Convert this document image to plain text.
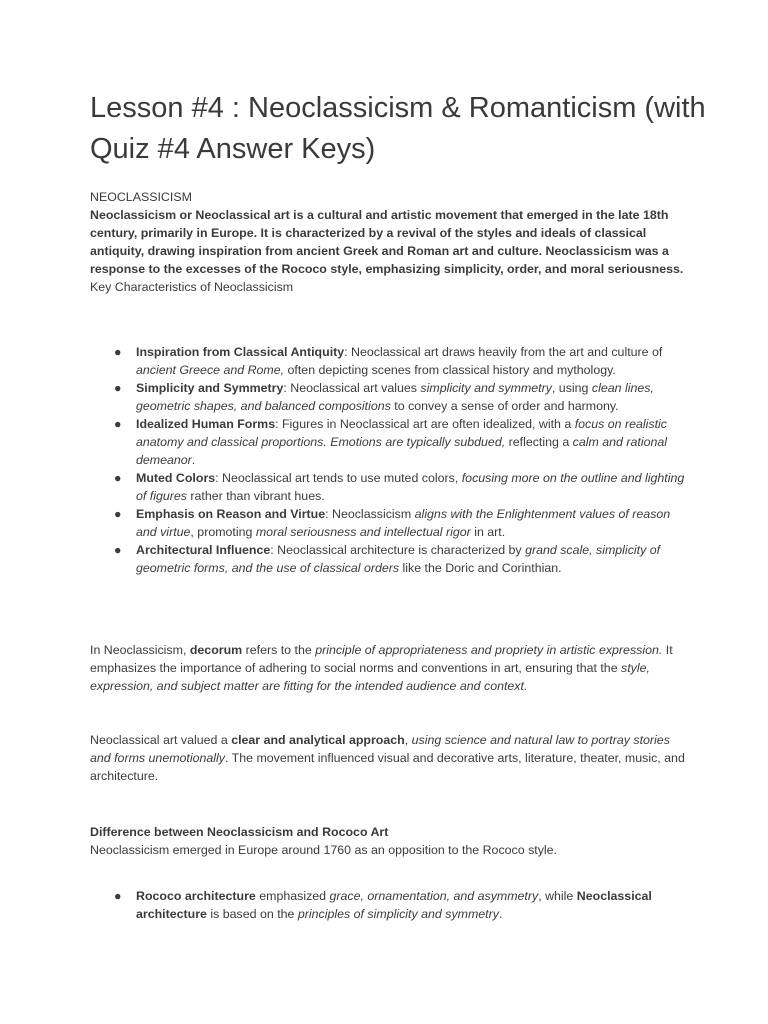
Lesson #4 : Neoclassicism & Romanticism (with Quiz #4 Answer Keys)

NEOCLASSICISM

Neoclassicism or Neoclassical art is a cultural and artistic movement that emerged in the late 18th century, primarily in Europe. It is characterized by a revival of the styles and ideals of classical antiquity, drawing inspiration from ancient Greek and Roman art and culture. Neoclassicism was a response to the excesses of the Rococo style, emphasizing simplicity, order, and moral seriousness.

Key Characteristics of Neoclassicism

● Inspiration from Classical Antiquity: Neoclassical art draws heavily from the art and culture of ancient Greece and Rome, often depicting scenes from classical history and mythology.
● Simplicity and Symmetry: Neoclassical art values simplicity and symmetry, using clean lines, geometric shapes, and balanced compositions to convey a sense of order and harmony.
● Idealized Human Forms: Figures in Neoclassical art are often idealized, with a focus on realistic anatomy and classical proportions. Emotions are typically subdued, reflecting a calm and rational demeanor.
● Muted Colors: Neoclassical art tends to use muted colors, focusing more on the outline and lighting of figures rather than vibrant hues.
● Emphasis on Reason and Virtue: Neoclassicism aligns with the Enlightenment values of reason and virtue, promoting moral seriousness and intellectual rigor in art.
● Architectural Influence: Neoclassical architecture is characterized by grand scale, simplicity of geometric forms, and the use of classical orders like the Doric and Corinthian.

In Neoclassicism, decorum refers to the principle of appropriateness and propriety in artistic expression. It emphasizes the importance of adhering to social norms and conventions in art, ensuring that the style, expression, and subject matter are fitting for the intended audience and context.

Neoclassical art valued a clear and analytical approach, using science and natural law to portray stories and forms unemotionally. The movement influenced visual and decorative arts, literature, theater, music, and architecture.

Difference between Neoclassicism and Rococo Art

Neoclassicism emerged in Europe around 1760 as an opposition to the Rococo style.

● Rococo architecture emphasized grace, ornamentation, and asymmetry, while Neoclassical architecture is based on the principles of simplicity and symmetry.
